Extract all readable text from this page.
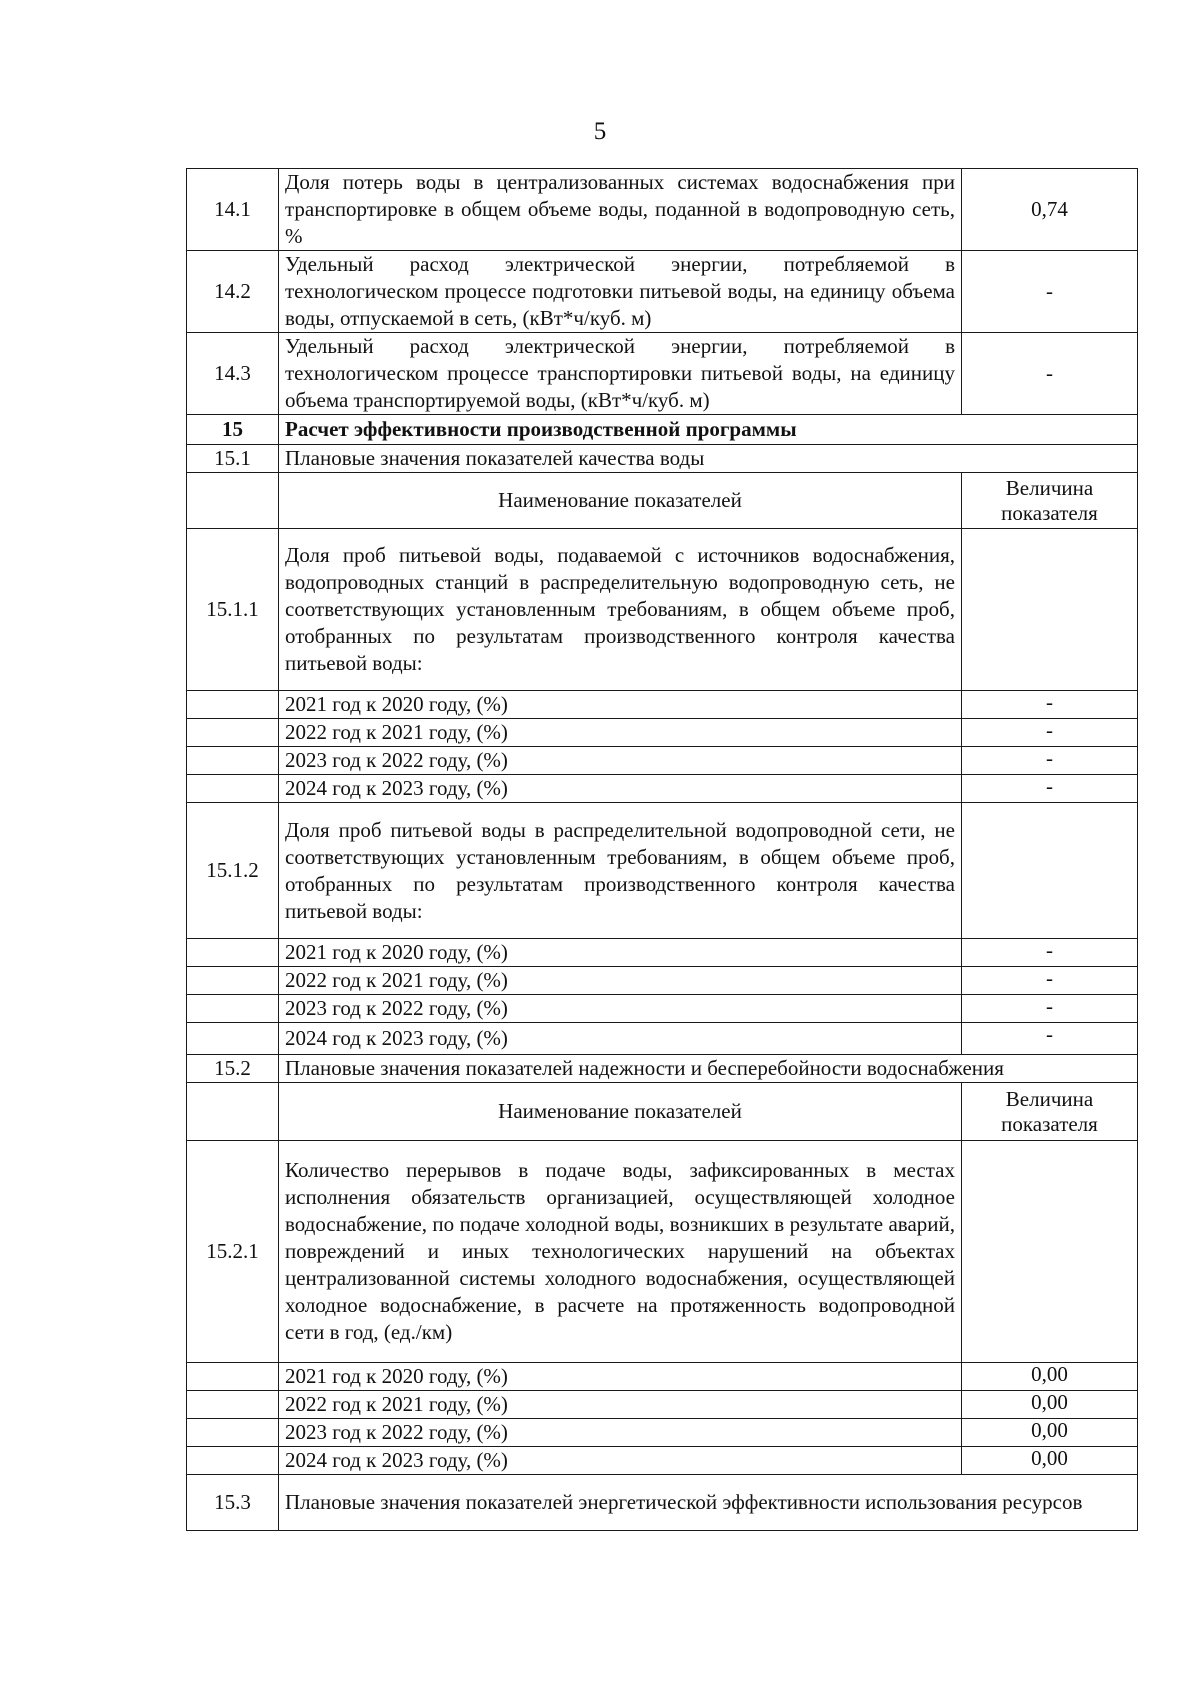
5
14.1	Доля потерь воды в централизованных системах водоснабжения при транспортировке в общем объеме воды, поданной в водопроводную сеть, %	0,74
14.2	Удельный расход электрической энергии, потребляемой в технологическом процессе подготовки питьевой воды, на единицу объема воды, отпускаемой в сеть, (кВт*ч/куб. м)	-
14.3	Удельный расход электрической энергии, потребляемой в технологическом процессе транспортировки питьевой воды, на единицу объема транспортируемой воды, (кВт*ч/куб. м)	-
15	Расчет эффективности производственной программы	
15.1	Плановые значения показателей качества воды	
	Наименование показателей	Величина показателя
15.1.1	Доля проб питьевой воды, подаваемой с источников водоснабжения, водопроводных станций в распределительную водопроводную сеть, не соответствующих установленным требованиям, в общем объеме проб, отобранных по результатам производственного контроля качества питьевой воды:	
	2021 год к 2020 году, (%)	-
	2022 год к 2021 году, (%)	-
	2023 год к 2022 году, (%)	-
	2024 год к 2023 году, (%)	-
15.1.2	Доля проб питьевой воды в распределительной водопроводной сети, не соответствующих установленным требованиям, в общем объеме проб, отобранных по результатам производственного контроля качества питьевой воды:	
	2021 год к 2020 году, (%)	-
	2022 год к 2021 году, (%)	-
	2023 год к 2022 году, (%)	-
	2024 год к 2023 году, (%)	-
15.2	Плановые значения показателей надежности и бесперебойности водоснабжения	
	Наименование показателей	Величина показателя
15.2.1	Количество перерывов в подаче воды, зафиксированных в местах исполнения обязательств организацией, осуществляющей холодное водоснабжение, по подаче холодной воды, возникших в результате аварий, повреждений и иных технологических нарушений на объектах централизованной системы холодного водоснабжения, осуществляющей холодное водоснабжение, в расчете на протяженность водопроводной сети в год, (ед./км)	
	2021 год к 2020 году, (%)	0,00
	2022 год к 2021 году, (%)	0,00
	2023 год к 2022 году, (%)	0,00
	2024 год к 2023 году, (%)	0,00
15.3	Плановые значения показателей энергетической эффективности использования ресурсов	
